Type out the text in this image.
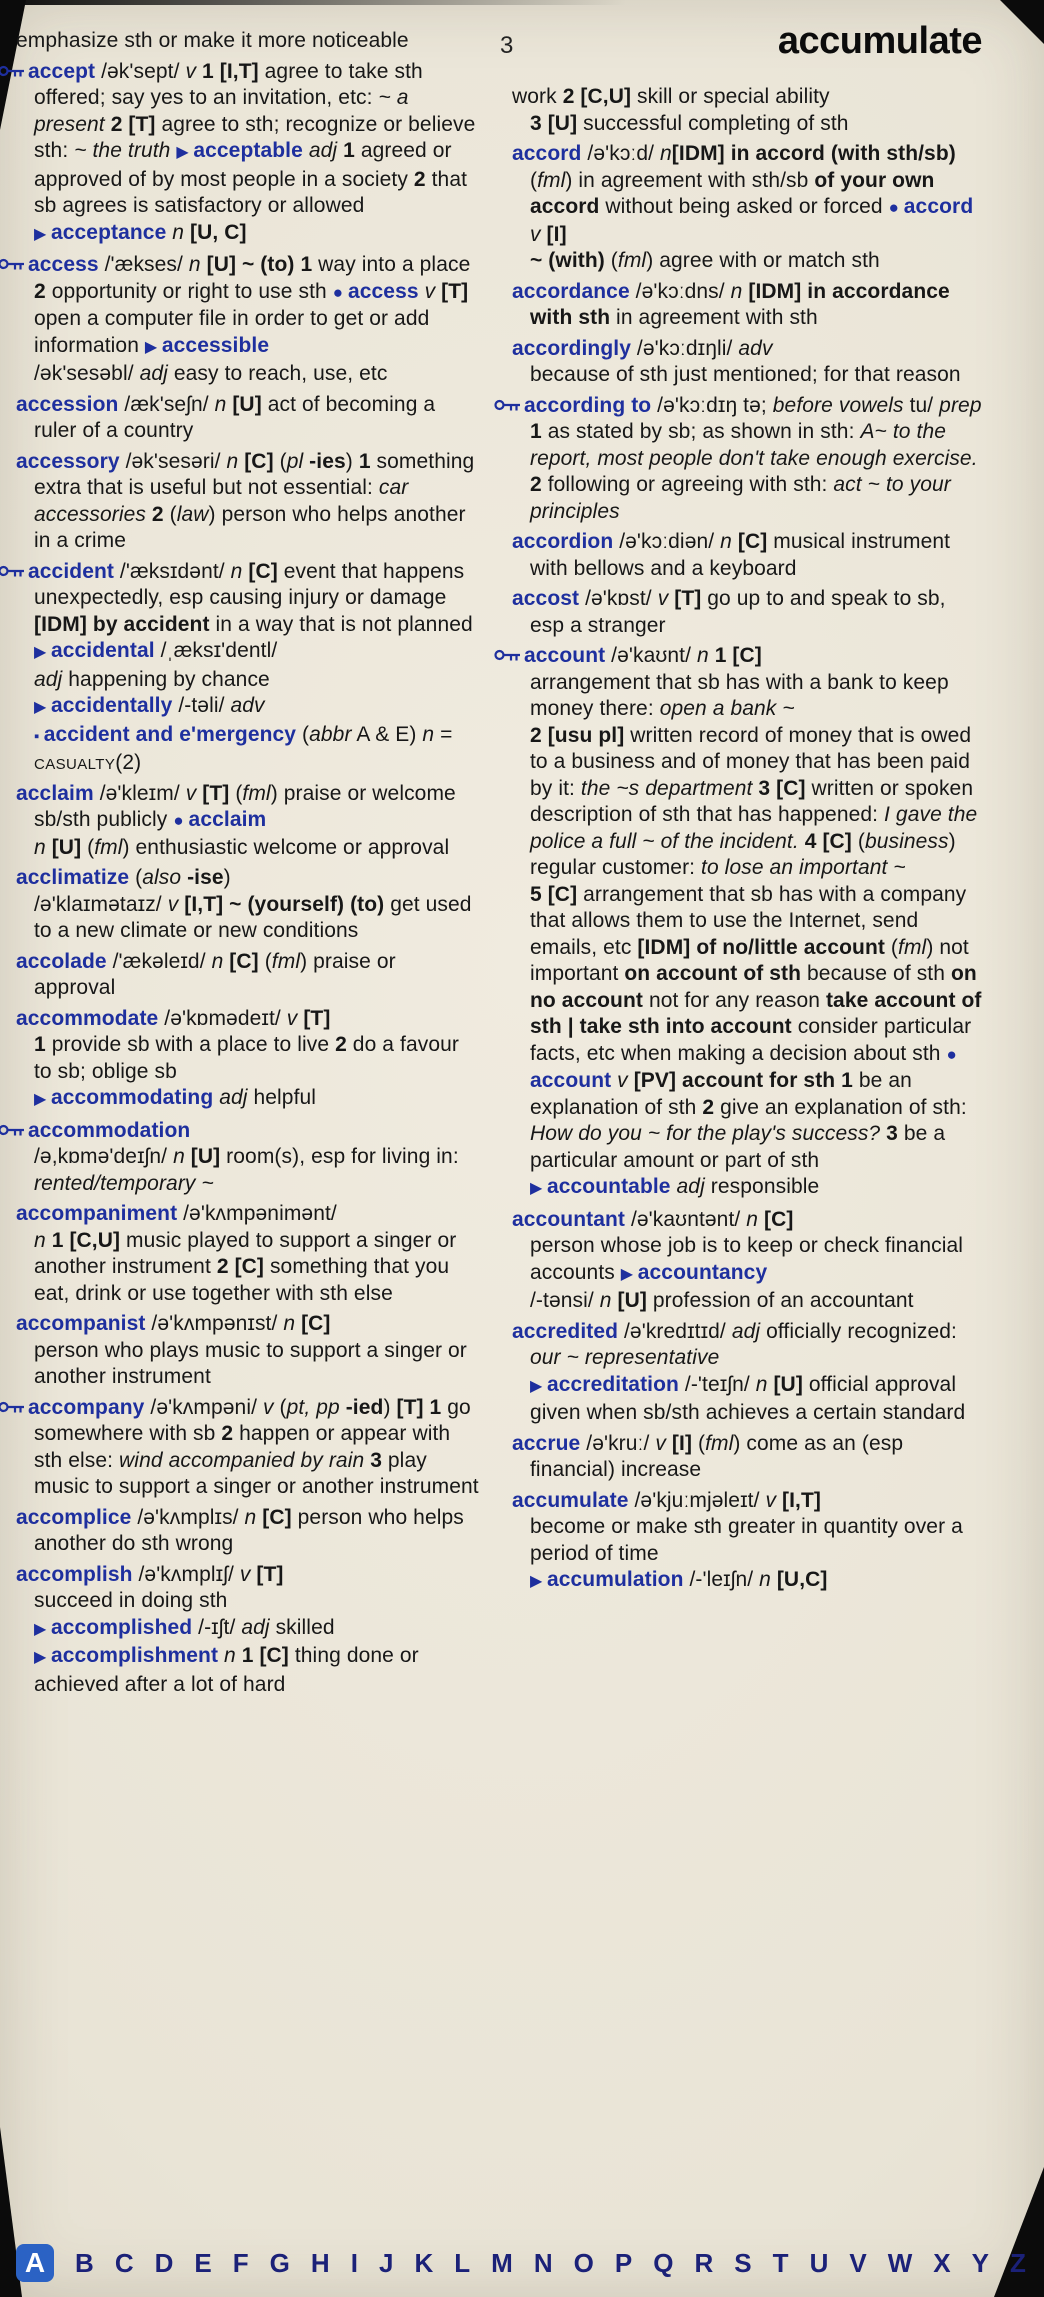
3	accumulate
emphasize sth or make it more noticeable
accept /ək'sept/ v 1 [I,T] agree to take sth offered; say yes to an invitation, etc: ~ a present 2 [T] agree to sth; recognize or believe sth: ~ the truth ▶ acceptable adj 1 agreed or approved of by most people in a society 2 that sb agrees is satisfactory or allowed
▶ acceptance n [U, C]
access /'ækses/ n [U] ~ (to) 1 way into a place 2 opportunity or right to use sth ● access v [T] open a computer file in order to get or add information ▶ accessible
/ək'sesəbl/ adj easy to reach, use, etc
accession /æk'seʃn/ n [U] act of becoming a ruler of a country
accessory /ək'sesəri/ n [C] (pl -ies) 1 something extra that is useful but not essential: car accessories 2 (law) person who helps another in a crime
accident /'æksɪdənt/ n [C] event that happens unexpectedly, esp causing injury or damage [IDM] by accident in a way that is not planned ▶ accidental /ˌæksɪ'dentl/
adj happening by chance
▶ accidentally /-təli/ adv
▪ accident and e'mergency (abbr A & E) n = casualty(2)
acclaim /ə'kleɪm/ v [T] (fml) praise or welcome sb/sth publicly ● acclaim
n [U] (fml) enthusiastic welcome or approval
acclimatize (also -ise)
/ə'klaɪmətaɪz/ v [I,T] ~ (yourself) (to) get used to a new climate or new conditions
accolade /'ækəleɪd/ n [C] (fml) praise or approval
accommodate /ə'kɒmədeɪt/ v [T]
1 provide sb with a place to live 2 do a favour to sb; oblige sb
▶ accommodating adj helpful
accommodation
/ə,kɒmə'deɪʃn/ n [U] room(s), esp for living in: rented/temporary ~
accompaniment /ə'kʌmpənimənt/
n 1 [C,U] music played to support a singer or another instrument 2 [C] something that you eat, drink or use together with sth else
accompanist /ə'kʌmpənɪst/ n [C]
person who plays music to support a singer or another instrument
accompany /ə'kʌmpəni/ v (pt, pp -ied) [T] 1 go somewhere with sb 2 happen or appear with sth else: wind accompanied by rain 3 play music to support a singer or another instrument
accomplice /ə'kʌmplɪs/ n [C] person who helps another do sth wrong
accomplish /ə'kʌmplɪʃ/ v [T]
succeed in doing sth
▶ accomplished /-ɪʃt/ adj skilled
▶ accomplishment n 1 [C] thing done or achieved after a lot of hard
work 2 [C,U] skill or special ability
3 [U] successful completing of sth
accord /ə'kɔːd/ n[IDM] in accord (with sth/sb) (fml) in agreement with sth/sb of your own accord without being asked or forced ● accord v [I]
~ (with) (fml) agree with or match sth
accordance /ə'kɔːdns/ n [IDM] in accordance with sth in agreement with sth
accordingly /ə'kɔːdɪŋli/ adv
because of sth just mentioned; for that reason
according to /ə'kɔːdɪŋ tə; before vowels tu/ prep 1 as stated by sb; as shown in sth: A~ to the report, most people don't take enough exercise. 2 following or agreeing with sth: act ~ to your principles
accordion /ə'kɔːdiən/ n [C] musical instrument with bellows and a keyboard
accost /ə'kɒst/ v [T] go up to and speak to sb, esp a stranger
account /ə'kaʊnt/ n 1 [C]
arrangement that sb has with a bank to keep money there: open a bank ~
2 [usu pl] written record of money that is owed to a business and of money that has been paid by it: the ~s department 3 [C] written or spoken description of sth that has happened: I gave the police a full ~ of the incident. 4 [C] (business) regular customer: to lose an important ~
5 [C] arrangement that sb has with a company that allows them to use the Internet, send emails, etc [IDM] of no/little account (fml) not important on account of sth because of sth on no account not for any reason take account of sth | take sth into account consider particular facts, etc when making a decision about sth ● account v [PV] account for sth 1 be an explanation of sth 2 give an explanation of sth: How do you ~ for the play's success? 3 be a particular amount or part of sth
▶ accountable adj responsible
accountant /ə'kaʊntənt/ n [C]
person whose job is to keep or check financial accounts ▶ accountancy
/-tənsi/ n [U] profession of an accountant
accredited /ə'kredɪtɪd/ adj officially recognized: our ~ representative
▶ accreditation /-'teɪʃn/ n [U] official approval given when sb/sth achieves a certain standard
accrue /ə'kruː/ v [I] (fml) come as an (esp financial) increase
accumulate /ə'kjuːmjəleɪt/ v [I,T]
become or make sth greater in quantity over a period of time
▶ accumulation /-'leɪʃn/ n [U,C]
A	B C D E F G H I J K L M N O P Q R S T U V W X Y Z
